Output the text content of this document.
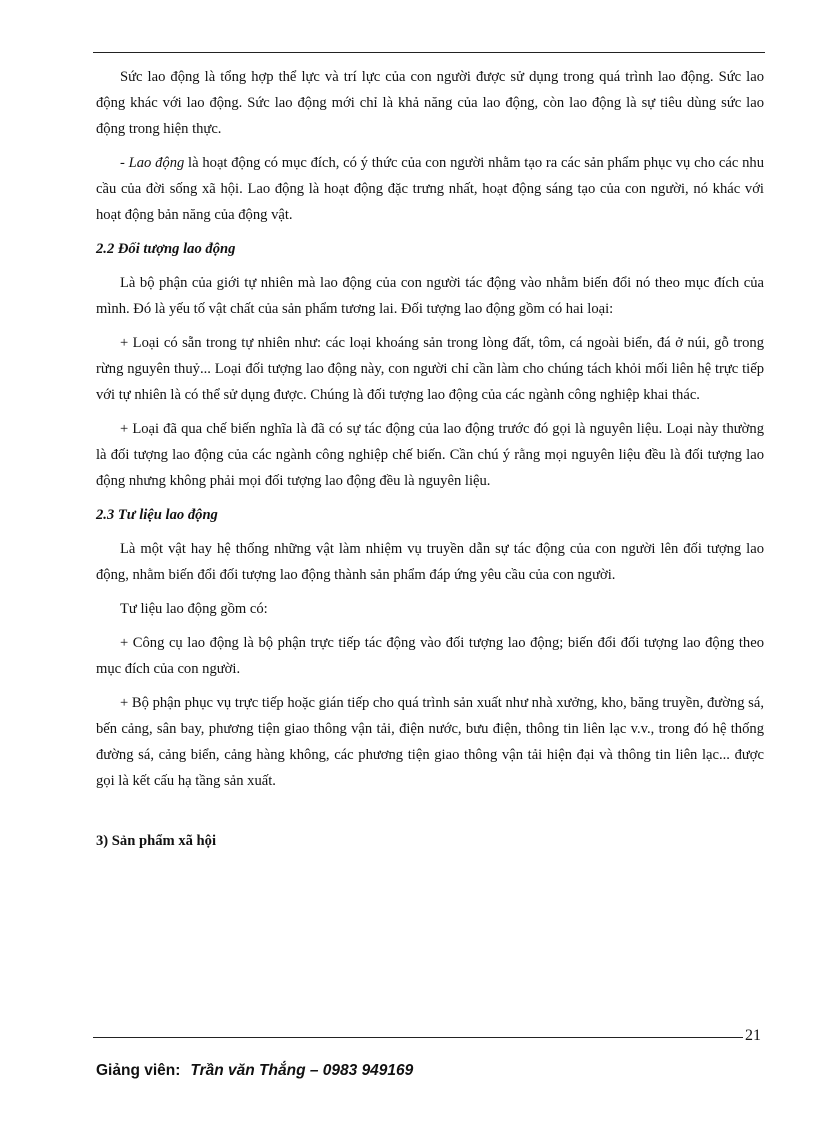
Sức lao động là tổng hợp thể lực và trí lực của con người được sử dụng trong quá trình lao động. Sức lao động khác với lao động. Sức lao động mới chỉ là khả năng của lao động, còn lao động là sự tiêu dùng sức lao động trong hiện thực.

- Lao động là hoạt động có mục đích, có ý thức của con người nhằm tạo ra các sản phẩm phục vụ cho các nhu cầu của đời sống xã hội. Lao động là hoạt động đặc trưng nhất, hoạt động sáng tạo của con người, nó khác với hoạt động bản năng của động vật.

2.2 Đối tượng lao động

Là bộ phận của giới tự nhiên mà lao động của con người tác động vào nhằm biến đổi nó theo mục đích của mình. Đó là yếu tố vật chất của sản phẩm tương lai. Đối tượng lao động gồm có hai loại:

+ Loại có sẵn trong tự nhiên như: các loại khoáng sản trong lòng đất, tôm, cá ngoài biển, đá ở núi, gỗ trong rừng nguyên thuỷ... Loại đối tượng lao động này, con người chỉ cần làm cho chúng tách khỏi mối liên hệ trực tiếp với tự nhiên là có thể sử dụng được. Chúng là đối tượng lao động của các ngành công nghiệp khai thác.

+ Loại đã qua chế biến nghĩa là đã có sự tác động của lao động trước đó gọi là nguyên liệu. Loại này thường là đối tượng lao động của các ngành công nghiệp chế biến. Cần chú ý rằng mọi nguyên liệu đều là đối tượng lao động nhưng không phải mọi đối tượng lao động đều là nguyên liệu.

2.3 Tư liệu lao động

Là một vật hay hệ thống những vật làm nhiệm vụ truyền dẫn sự tác động của con người lên đối tượng lao động, nhằm biến đổi đối tượng lao động thành sản phẩm đáp ứng yêu cầu của con người.

Tư liệu lao động gồm có:

+ Công cụ lao động là bộ phận trực tiếp tác động vào đối tượng lao động; biến đổi đối tượng lao động theo mục đích của con người.

+ Bộ phận phục vụ trực tiếp hoặc gián tiếp cho quá trình sản xuất như nhà xưởng, kho, băng truyền, đường sá, bến cảng, sân bay, phương tiện giao thông vận tải, điện nước, bưu điện, thông tin liên lạc v.v., trong đó hệ thống đường sá, cảng biển, cảng hàng không, các phương tiện giao thông vận tải hiện đại và thông tin liên lạc... được gọi là kết cấu hạ tầng sản xuất.

3) Sản phẩm xã hội
21
Giảng viên: Trần văn Thắng – 0983 949169
